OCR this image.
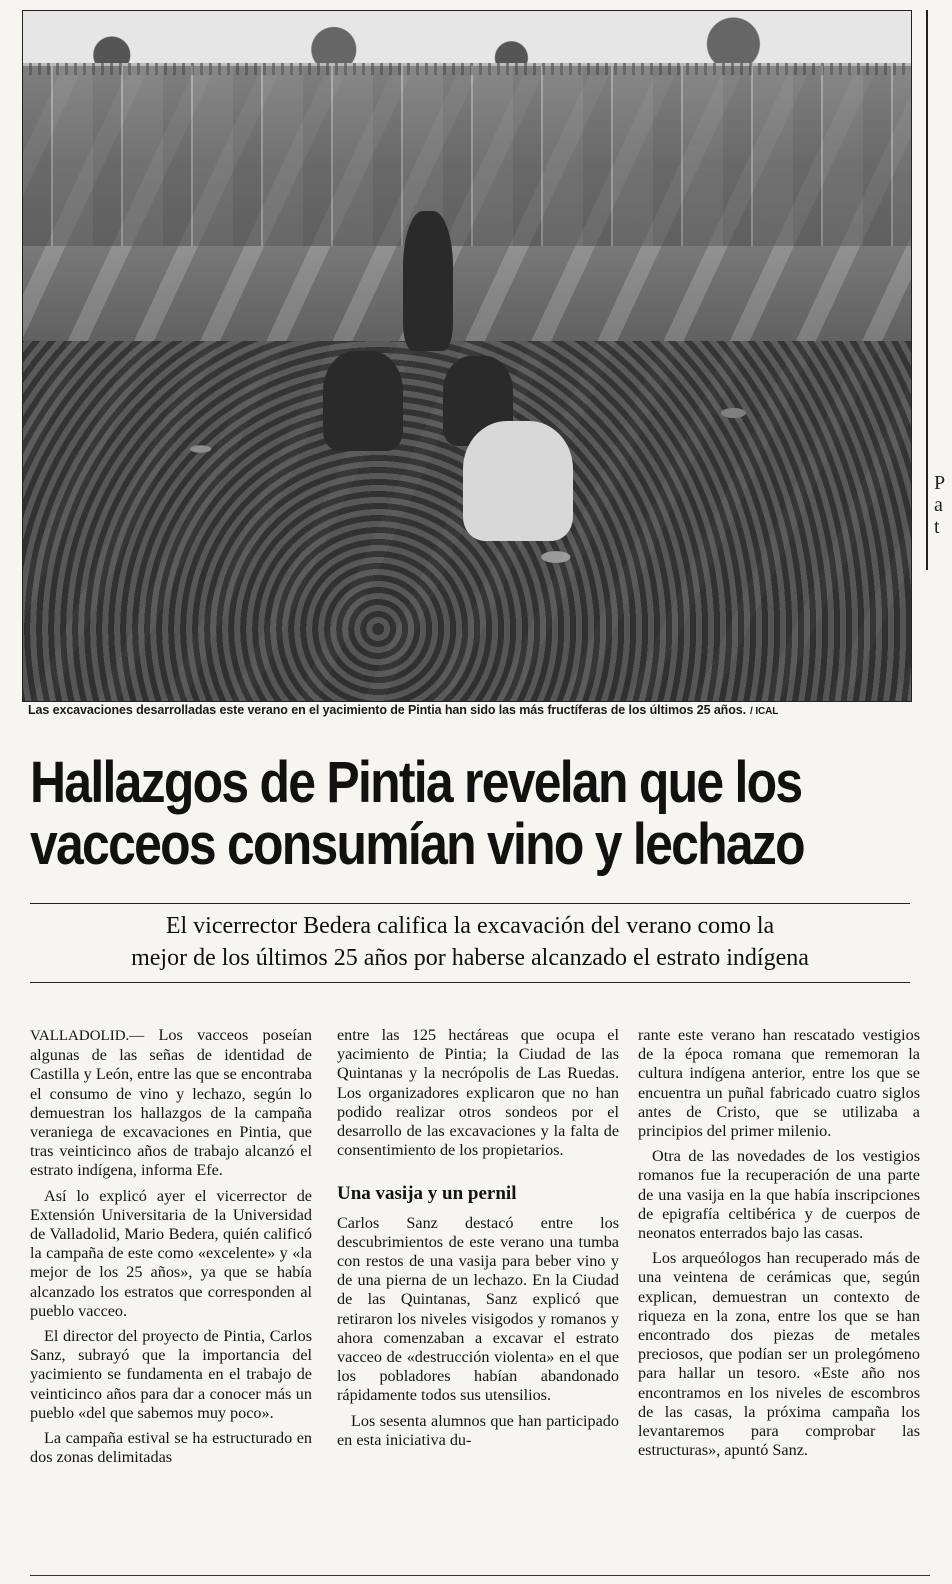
P
a
t
Las excavaciones desarrolladas este verano en el yacimiento de Pintia han sido las más fructíferas de los últimos 25 años. / ICAL
Hallazgos de Pintia revelan que los
vacceos consumían vino y lechazo
El vicerrector Bedera califica la excavación del verano como la
mejor de los últimos 25 años por haberse alcanzado el estrato indígena

VALLADOLID.— Los vacceos poseían algunas de las señas de identidad de Castilla y León, entre las que se encontraba el consumo de vino y lechazo, según lo demuestran los hallazgos de la campaña veraniega de excavaciones en Pintia, que tras veinticinco años de trabajo alcanzó el estrato indígena, informa Efe.

Así lo explicó ayer el vicerrector de Extensión Universitaria de la Universidad de Valladolid, Mario Bedera, quién calificó la campaña de este como «excelente» y «la mejor de los 25 años», ya que se había alcanzado los estratos que corresponden al pueblo vacceo.

El director del proyecto de Pintia, Carlos Sanz, subrayó que la importancia del yacimiento se fundamenta en el trabajo de veinticinco años para dar a conocer más un pueblo «del que sabemos muy poco».

La campaña estival se ha estructurado en dos zonas delimitadas

entre las 125 hectáreas que ocupa el yacimiento de Pintia; la Ciudad de las Quintanas y la necrópolis de Las Ruedas. Los organizadores explicaron que no han podido realizar otros sondeos por el desarrollo de las excavaciones y la falta de consentimiento de los propietarios.

Una vasija y un pernil

Carlos Sanz destacó entre los descubrimientos de este verano una tumba con restos de una vasija para beber vino y de una pierna de un lechazo. En la Ciudad de las Quintanas, Sanz explicó que retiraron los niveles visigodos y romanos y ahora comenzaban a excavar el estrato vacceo de «destrucción violenta» en el que los pobladores habían abandonado rápidamente todos sus utensilios.

Los sesenta alumnos que han participado en esta iniciativa du-

rante este verano han rescatado vestigios de la época romana que rememoran la cultura indígena anterior, entre los que se encuentra un puñal fabricado cuatro siglos antes de Cristo, que se utilizaba a principios del primer milenio.

Otra de las novedades de los vestigios romanos fue la recuperación de una parte de una vasija en la que había inscripciones de epigrafía celtibérica y de cuerpos de neonatos enterrados bajo las casas.

Los arqueólogos han recuperado más de una veintena de cerámicas que, según explican, demuestran un contexto de riqueza en la zona, entre los que se han encontrado dos piezas de metales preciosos, que podían ser un prolegómeno para hallar un tesoro. «Este año nos encontramos en los niveles de escombros de las casas, la próxima campaña los levantaremos para comprobar las estructuras», apuntó Sanz.
